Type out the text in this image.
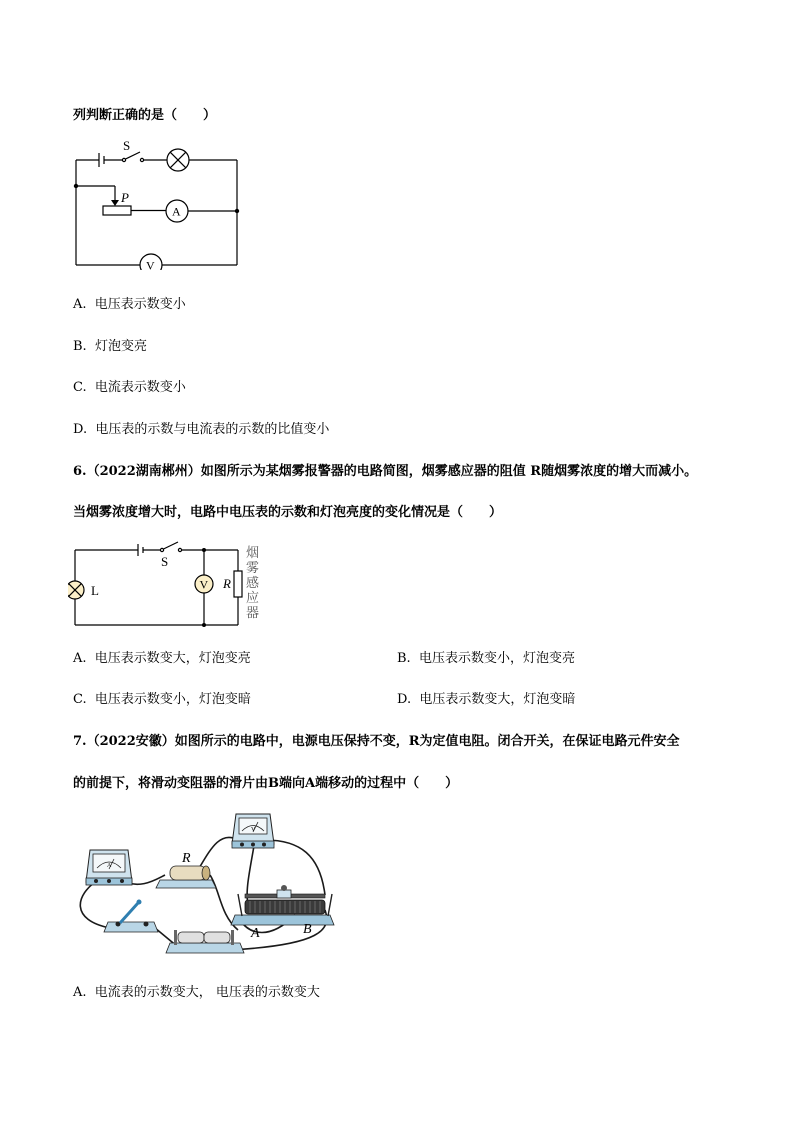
列判断正确的是（　　）
S
P
A
V
A. 电压表示数变小
B. 灯泡变亮
C. 电流表示数变小
D. 电压表的示数与电流表的示数的比值变小
6.（2022湖南郴州）如图所示为某烟雾报警器的电路简图，烟雾感应器的阻值 R随烟雾浓度的增大而减小。
当烟雾浓度增大时，电路中电压表的示数和灯泡亮度的变化情况是（　　）
S
L	V R
烟
雾
感
应
器
A. 电压表示数变大，灯泡变亮	B. 电压表示数变小，灯泡变亮
C. 电压表示数变小，灯泡变暗	D. 电压表示数变大，灯泡变暗
7.（2022安徽）如图所示的电路中，电源电压保持不变，R为定值电阻。闭合开关，在保证电路元件安全
的前提下，将滑动变阻器的滑片由B端向A端移动的过程中（　　）
A	R
V
A	B
A. 电流表的示数变大， 电压表的示数变大
